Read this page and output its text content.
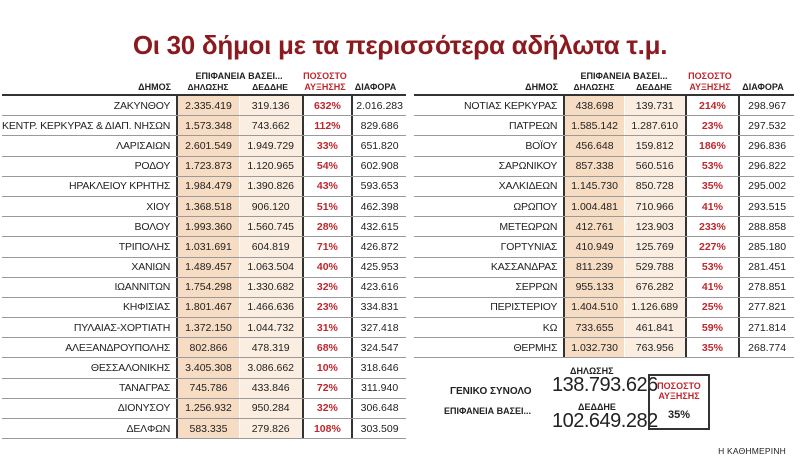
Οι 30 δήμοι με τα περισσότερα αδήλωτα τ.μ.
ΔΗΜΟΣ
ΕΠΙΦΑΝΕΙΑ ΒΑΣΕΙ...
ΔΗΛΩΣΗΣ	ΔΕΔΔΗΕ
ΠΟΣΟΣΤΟ ΑΥΞΗΣΗΣ	ΔΙΑΦΟΡΑ
ΖΑΚΥΝΘΟΥ	2.335.419	319.136	632%	2.016.283
ΚΕΝΤΡ. ΚΕΡΚΥΡΑΣ & ΔΙΑΠ. ΝΗΣΩΝ	1.573.348	743.662	112%	829.686
ΛΑΡΙΣΑΙΩΝ	2.601.549	1.949.729	33%	651.820
ΡΟΔΟΥ	1.723.873	1.120.965	54%	602.908
ΗΡΑΚΛΕΙΟΥ ΚΡΗΤΗΣ	1.984.479	1.390.826	43%	593.653
ΧΙΟΥ	1.368.518	906.120	51%	462.398
ΒΟΛΟΥ	1.993.360	1.560.745	28%	432.615
ΤΡΙΠΟΛΗΣ	1.031.691	604.819	71%	426.872
ΧΑΝΙΩΝ	1.489.457	1.063.504	40%	425.953
ΙΩΑΝΝΙΤΩΝ	1.754.298	1.330.682	32%	423.616
ΚΗΦΙΣΙΑΣ	1.801.467	1.466.636	23%	334.831
ΠΥΛΑΙΑΣ-ΧΟΡΤΙΑΤΗ	1.372.150	1.044.732	31%	327.418
ΑΛΕΞΑΝΔΡΟΥΠΟΛΗΣ	802.866	478.319	68%	324.547
ΘΕΣΣΑΛΟΝΙΚΗΣ	3.405.308	3.086.662	10%	318.646
ΤΑΝΑΓΡΑΣ	745.786	433.846	72%	311.940
ΔΙΟΝΥΣΟΥ	1.256.932	950.284	32%	306.648
ΔΕΛΦΩΝ	583.335	279.826	108%	303.509
ΔΗΜΟΣ
ΕΠΙΦΑΝΕΙΑ ΒΑΣΕΙ...
ΔΗΛΩΣΗΣ	ΔΕΔΔΗΕ
ΠΟΣΟΣΤΟ ΑΥΞΗΣΗΣ	ΔΙΑΦΟΡΑ
ΝΟΤΙΑΣ ΚΕΡΚΥΡΑΣ	438.698	139.731	214%	298.967
ΠΑΤΡΕΩΝ	1.585.142	1.287.610	23%	297.532
ΒΟΪΟΥ	456.648	159.812	186%	296.836
ΣΑΡΩΝΙΚΟΥ	857.338	560.516	53%	296.822
ΧΑΛΚΙΔΕΩΝ	1.145.730	850.728	35%	295.002
ΩΡΩΠΟΥ	1.004.481	710.966	41%	293.515
ΜΕΤΕΩΡΩΝ	412.761	123.903	233%	288.858
ΓΟΡΤΥΝΙΑΣ	410.949	125.769	227%	285.180
ΚΑΣΣΑΝΔΡΑΣ	811.239	529.788	53%	281.451
ΣΕΡΡΩΝ	955.133	676.282	41%	278.851
ΠΕΡΙΣΤΕΡΙΟΥ	1.404.510	1.126.689	25%	277.821
ΚΩ	733.655	461.841	59%	271.814
ΘΕΡΜΗΣ	1.032.730	763.956	35%	268.774
ΓΕΝΙΚΟ ΣΥΝΟΛΟ
ΕΠΙΦΑΝΕΙΑ ΒΑΣΕΙ...
ΔΗΛΩΣΗΣ
138.793.626
ΔΕΔΔΗΕ
102.649.282
ΠΟΣΟΣΤΟ ΑΥΞΗΣΗΣ
35%
Η ΚΑΘΗΜΕΡΙΝΗ
